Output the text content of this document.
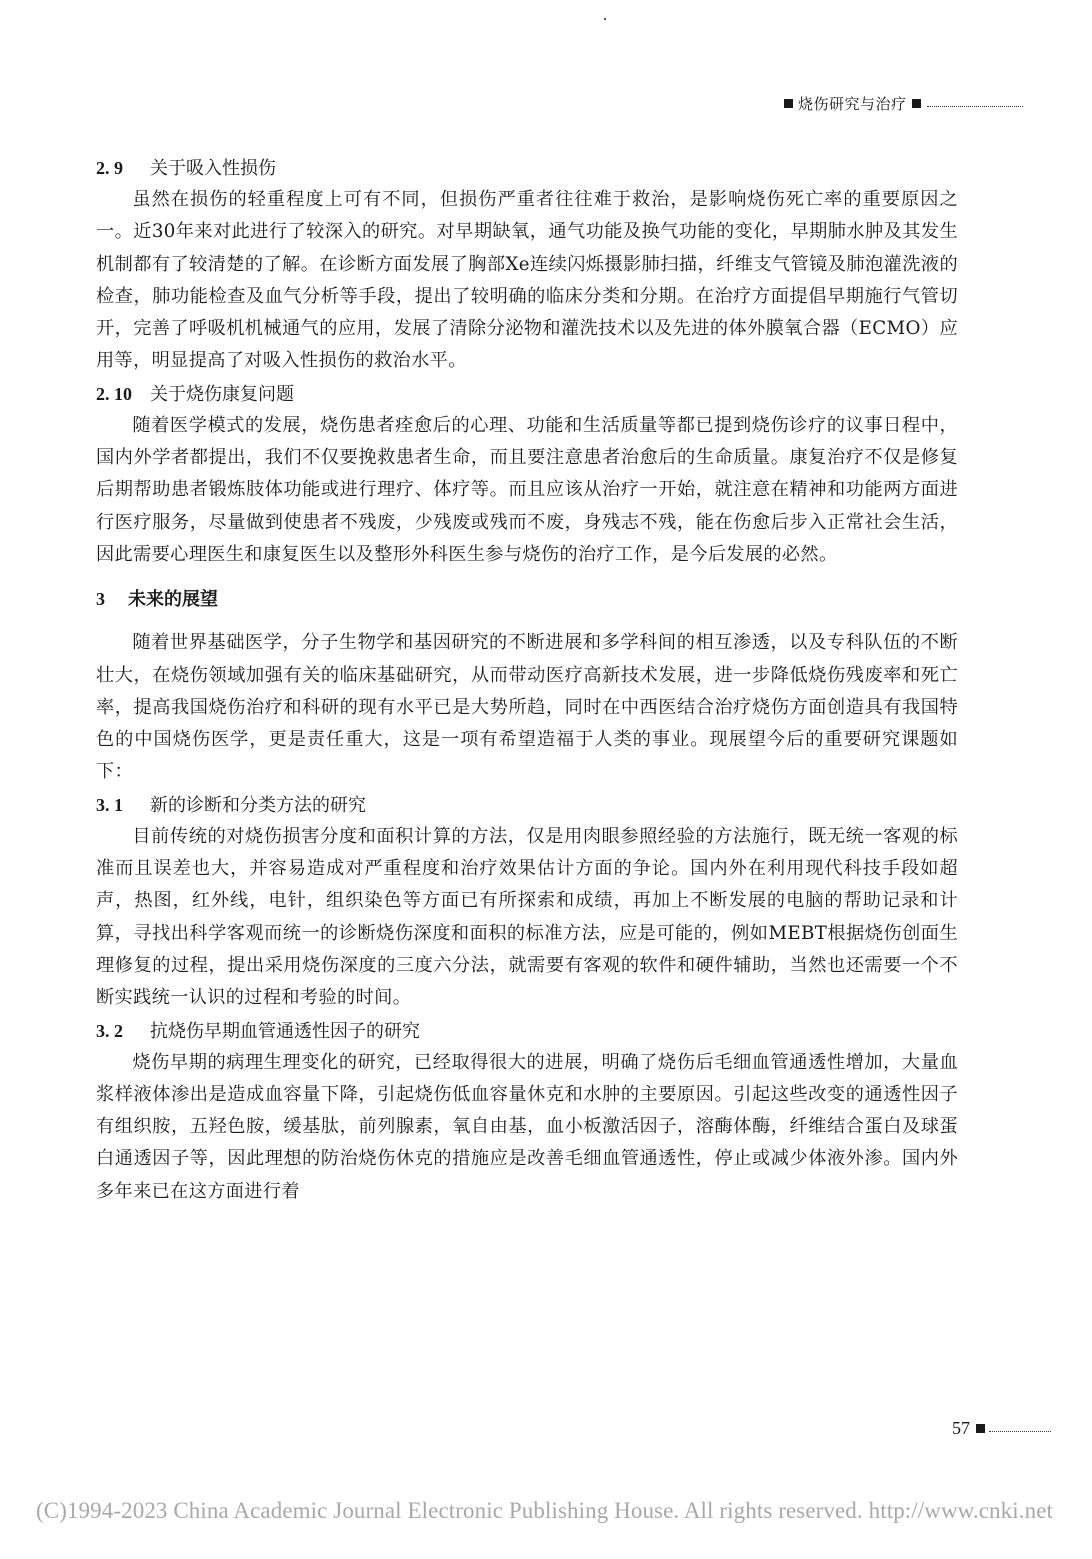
烧伤研究与治疗

2. 9 关于吸入性损伤

虽然在损伤的轻重程度上可有不同，但损伤严重者往往难于救治，是影响烧伤死亡率的重要原因之一。近30年来对此进行了较深入的研究。对早期缺氧，通气功能及换气功能的变化，早期肺水肿及其发生机制都有了较清楚的了解。在诊断方面发展了胸部Xe连续闪烁摄影肺扫描，纤维支气管镜及肺泡灌洗液的检查，肺功能检查及血气分析等手段，提出了较明确的临床分类和分期。在治疗方面提倡早期施行气管切开，完善了呼吸机机械通气的应用，发展了清除分泌物和灌洗技术以及先进的体外膜氧合器（ECMO）应用等，明显提高了对吸入性损伤的救治水平。

2. 10 关于烧伤康复问题

随着医学模式的发展，烧伤患者痊愈后的心理、功能和生活质量等都已提到烧伤诊疗的议事日程中，国内外学者都提出，我们不仅要挽救患者生命，而且要注意患者治愈后的生命质量。康复治疗不仅是修复后期帮助患者锻炼肢体功能或进行理疗、体疗等。而且应该从治疗一开始，就注意在精神和功能两方面进行医疗服务，尽量做到使患者不残废，少残废或残而不废，身残志不残，能在伤愈后步入正常社会生活，因此需要心理医生和康复医生以及整形外科医生参与烧伤的治疗工作，是今后发展的必然。

3 未来的展望

随着世界基础医学，分子生物学和基因研究的不断进展和多学科间的相互渗透，以及专科队伍的不断壮大，在烧伤领域加强有关的临床基础研究，从而带动医疗高新技术发展，进一步降低烧伤残废率和死亡率，提高我国烧伤治疗和科研的现有水平已是大势所趋，同时在中西医结合治疗烧伤方面创造具有我国特色的中国烧伤医学，更是责任重大，这是一项有希望造福于人类的事业。现展望今后的重要研究课题如下：

3. 1 新的诊断和分类方法的研究

目前传统的对烧伤损害分度和面积计算的方法，仅是用肉眼参照经验的方法施行，既无统一客观的标准而且误差也大，并容易造成对严重程度和治疗效果估计方面的争论。国内外在利用现代科技手段如超声，热图，红外线，电针，组织染色等方面已有所探索和成绩，再加上不断发展的电脑的帮助记录和计算，寻找出科学客观而统一的诊断烧伤深度和面积的标准方法，应是可能的，例如MEBT根据烧伤创面生理修复的过程，提出采用烧伤深度的三度六分法，就需要有客观的软件和硬件辅助，当然也还需要一个不断实践统一认识的过程和考验的时间。

3. 2 抗烧伤早期血管通透性因子的研究

烧伤早期的病理生理变化的研究，已经取得很大的进展，明确了烧伤后毛细血管通透性增加，大量血浆样液体渗出是造成血容量下降，引起烧伤低血容量休克和水肿的主要原因。引起这些改变的通透性因子有组织胺，五羟色胺，缓基肽，前列腺素，氧自由基，血小板激活因子，溶酶体酶，纤维结合蛋白及球蛋白通透因子等，因此理想的防治烧伤休克的措施应是改善毛细血管通透性，停止或减少体液外渗。国内外多年来已在这方面进行着

57
(C)1994-2023 China Academic Journal Electronic Publishing House. All rights reserved. http://www.cnki.net
